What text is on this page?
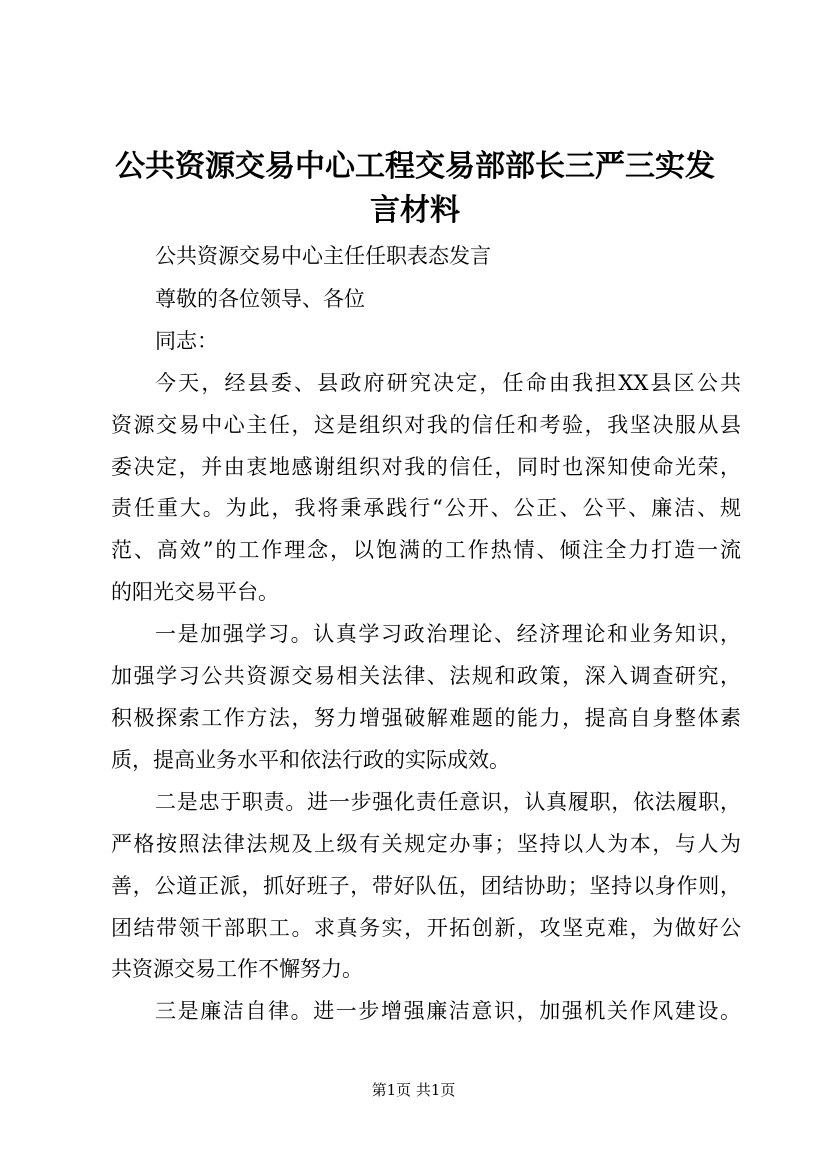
公共资源交易中心工程交易部部长三严三实发
言材料
公共资源交易中心主任任职表态发言
尊敬的各位领导、各位
同志：
今天，经县委、县政府研究决定，任命由我担XX县区公共
资源交易中心主任，这是组织对我的信任和考验，我坚决服从县
委决定，并由衷地感谢组织对我的信任，同时也深知使命光荣，
责任重大。为此，我将秉承践行“公开、公正、公平、廉洁、规
范、高效”的工作理念，以饱满的工作热情、倾注全力打造一流
的阳光交易平台。
一是加强学习。认真学习政治理论、经济理论和业务知识，
加强学习公共资源交易相关法律、法规和政策，深入调查研究，
积极探索工作方法，努力增强破解难题的能力，提高自身整体素
质，提高业务水平和依法行政的实际成效。
二是忠于职责。进一步强化责任意识，认真履职，依法履职，
严格按照法律法规及上级有关规定办事；坚持以人为本，与人为
善，公道正派，抓好班子，带好队伍，团结协助；坚持以身作则，
团结带领干部职工。求真务实，开拓创新，攻坚克难，为做好公
共资源交易工作不懈努力。
三是廉洁自律。进一步增强廉洁意识，加强机关作风建设。
第1页 共1页
